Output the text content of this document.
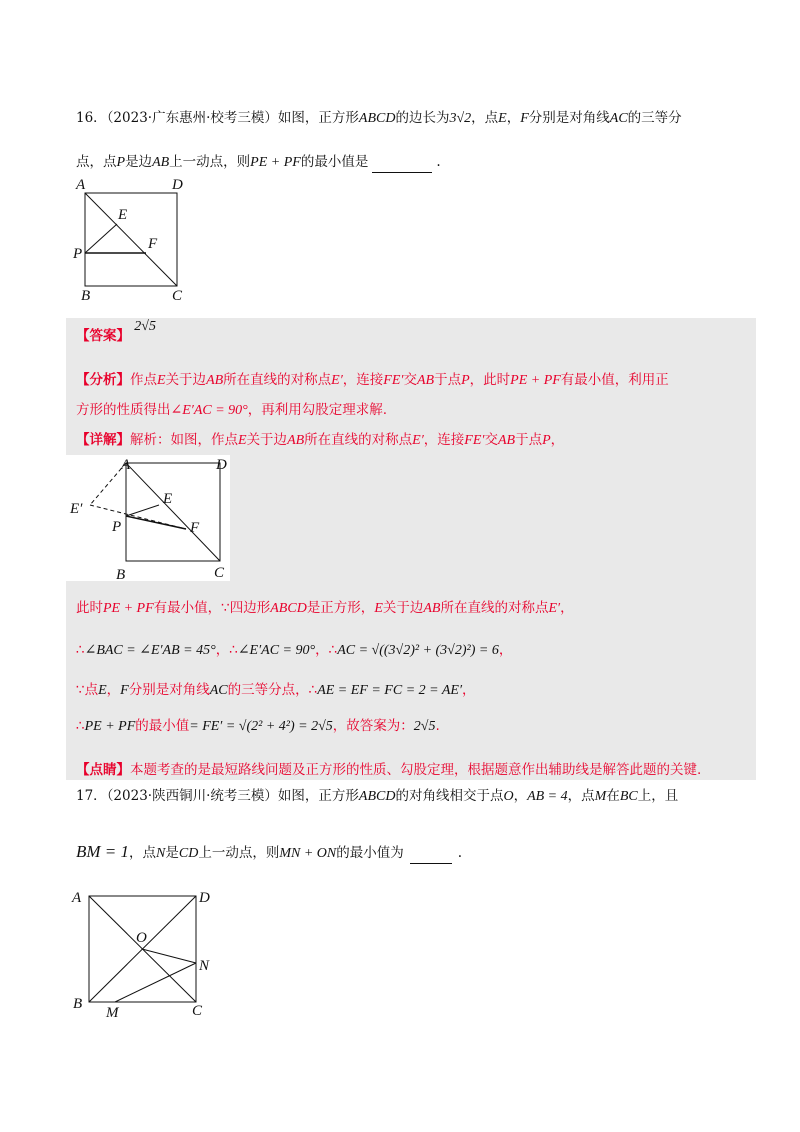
16．（2023·广东惠州·校考三模）如图，正方形ABCD的边长为3√2，点E，F分别是对角线AC的三等分
点，点P是边AB上一动点，则PE + PF的最小值是	.
A	D
E
F
P
B	C
【答案】 2√5
【分析】作点E关于边AB所在直线的对称点E′，连接FE′交AB于点P，此时PE + PF有最小值，利用正
方形的性质得出∠E′AC = 90°，再利用勾股定理求解.
【详解】解析：如图，作点E关于边AB所在直线的对称点E′，连接FE′交AB于点P，
A	D
E′
E
P	F
B	C
此时PE + PF有最小值，∵四边形ABCD是正方形，E关于边AB所在直线的对称点E′，
∴∠BAC = ∠E′AB = 45°，∴∠E′AC = 90°，∴AC = √((3√2)² + (3√2)²) = 6，
∵点E，F分别是对角线AC的三等分点，∴AE = EF = FC = 2 = AE′，
∴PE + PF的最小值= FE′ = √(2² + 4²) = 2√5，故答案为：2√5.
【点睛】本题考查的是最短路线问题及正方形的性质、勾股定理，根据题意作出辅助线是解答此题的关键.
17．（2023·陕西铜川·统考三模）如图，正方形ABCD的对角线相交于点O，AB = 4，点M在BC上，且
BM = 1，点N是CD上一动点，则MN + ON的最小值为	.
A	D
O
N
B
M	C
